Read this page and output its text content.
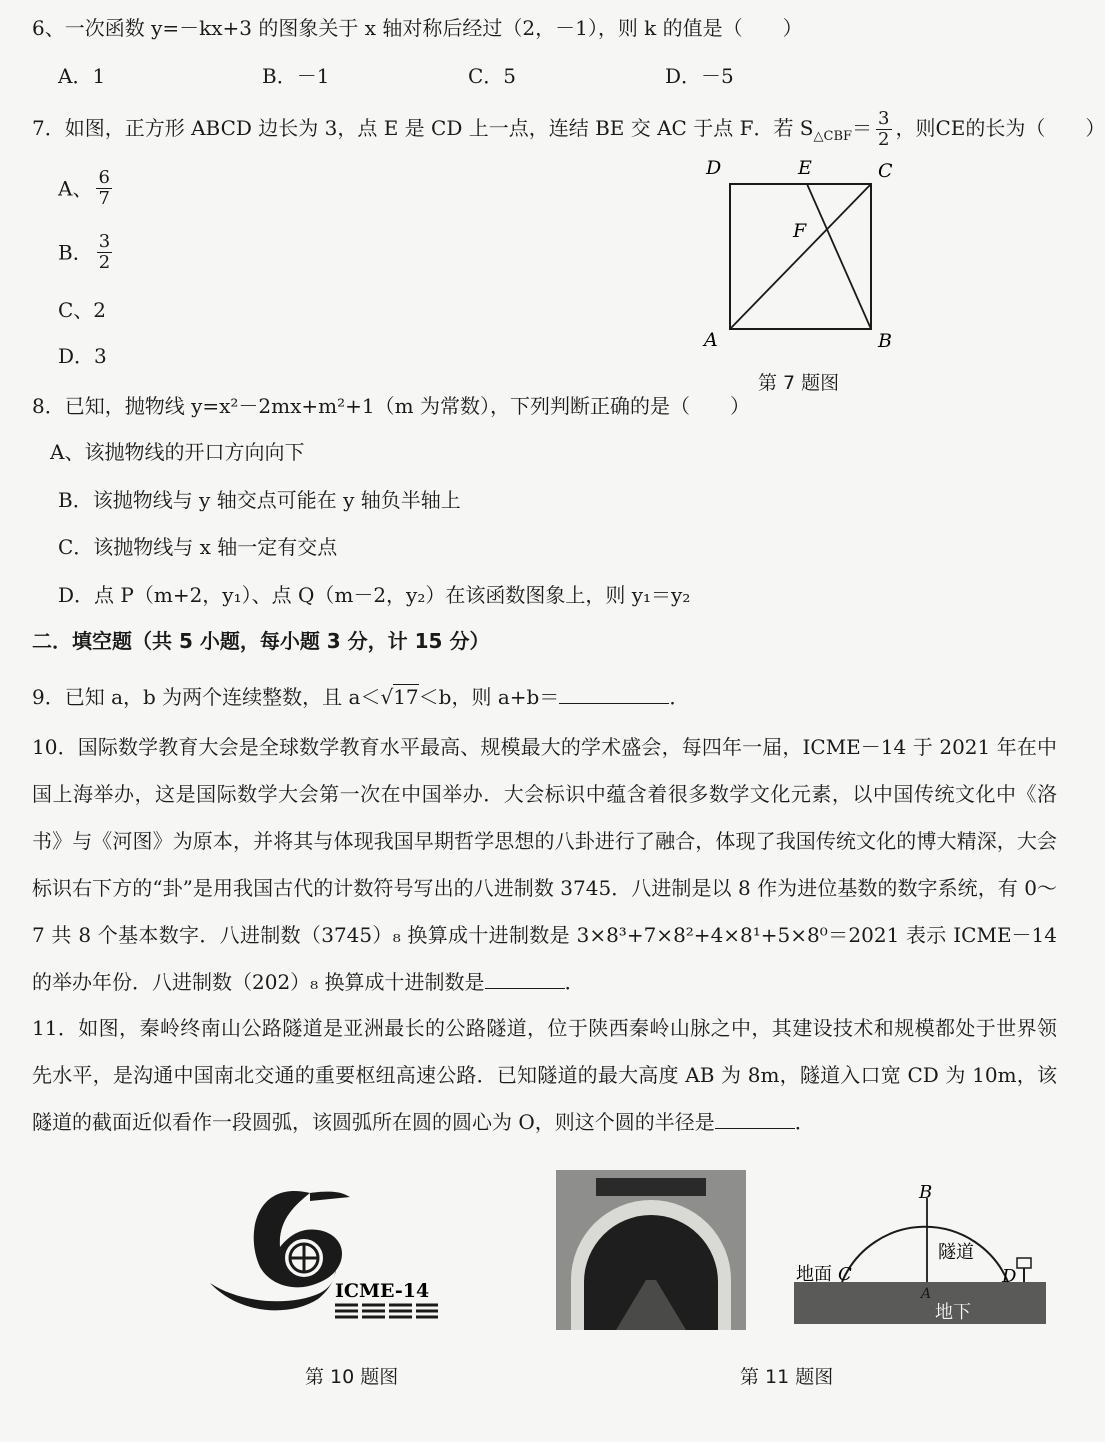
6、一次函数 y=－kx+3 的图象关于 x 轴对称后经过（2，－1），则 k 的值是（　　）
A．1	B．－1	C．5	D．－5
7．如图，正方形 ABCD 边长为 3，点 E 是 CD 上一点，连结 BE 交 AC 于点 F．若 $S_{\triangle CBF}= \frac{3}{2}$ ，则CE的长为（　　）
A、 $\frac{6}{7}$
B． $\frac{3}{2}$
C、2
D．3
D	E	C
F
A	B
第 7 题图
8．已知，抛物线 y=x²－2mx+m²+1（m 为常数），下列判断正确的是（　　）
A、该抛物线的开口方向向下
B．该抛物线与 y 轴交点可能在 y 轴负半轴上
C．该抛物线与 x 轴一定有交点
D．点 P（m+2，y₁）、点 Q（m－2，y₂）在该函数图象上，则 y₁＝y₂
二．填空题（共 5 小题，每小题 3 分，计 15 分）
9．已知 a，b 为两个连续整数，且 a＜√17＜b，则 a+b＝	．
10．国际数学教育大会是全球数学教育水平最高、规模最大的学术盛会，每四年一届，ICME－14 于 2021 年在中国上海举办，这是国际数学大会第一次在中国举办．大会标识中蕴含着很多数学文化元素，以中国传统文化中《洛书》与《河图》为原本，并将其与体现我国早期哲学思想的八卦进行了融合，体现了我国传统文化的博大精深，大会标识右下方的“卦”是用我国古代的计数符号写出的八进制数 3745．八进制是以 8 作为进位基数的数字系统，有 0～7 共 8 个基本数字．八进制数（3745）₈ 换算成十进制数是 3×8³+7×8²+4×8¹+5×8⁰＝2021 表示 ICME－14 的举办年份．八进制数（202）₈ 换算成十进制数是	．
11．如图，秦岭终南山公路隧道是亚洲最长的公路隧道，位于陕西秦岭山脉之中，其建设技术和规模都处于世界领先水平，是沟通中国南北交通的重要枢纽高速公路．已知隧道的最大高度 AB 为 8m，隧道入口宽 CD 为 10m，该隧道的截面近似看作一段圆弧，该圆弧所在圆的圆心为 O，则这个圆的半径是	．
ICME-14
第 10 题图
B
隧道
地面 C	D
A
地下
第 11 题图
